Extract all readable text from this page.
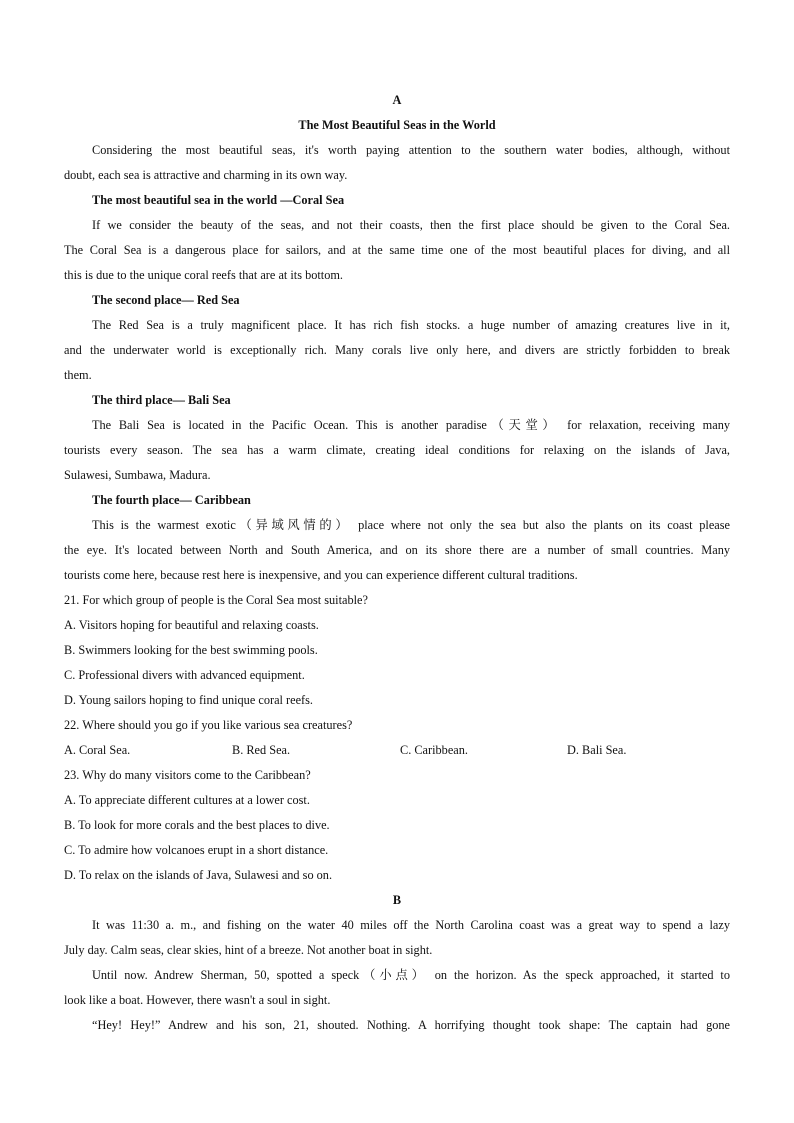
A
The Most Beautiful Seas in the World
Considering the most beautiful seas, it's worth paying attention to the southern water bodies, although, without
doubt, each sea is attractive and charming in its own way.
The most beautiful sea in the world —Coral Sea
If we consider the beauty of the seas, and not their coasts, then the first place should be given to the Coral Sea.
The Coral Sea is a dangerous place for sailors, and at the same time one of the most beautiful places for diving, and all
this is due to the unique coral reefs that are at its bottom.
The second place— Red Sea
The Red Sea is a truly magnificent place. It has rich fish stocks. a huge number of amazing creatures live in it,
and the underwater world is exceptionally rich. Many corals live only here, and divers are strictly forbidden to break
them.
The third place— Bali Sea
The Bali Sea is located in the Pacific Ocean. This is another paradise（天堂） for relaxation, receiving many
tourists every season. The sea has a warm climate, creating ideal conditions for relaxing on the islands of Java,
Sulawesi, Sumbawa, Madura.
The fourth place— Caribbean
This is the warmest exotic（异域风情的） place where not only the sea but also the plants on its coast please
the eye. It's located between North and South America, and on its shore there are a number of small countries. Many
tourists come here, because rest here is inexpensive, and you can experience different cultural traditions.
21. For which group of people is the Coral Sea most suitable?
A. Visitors hoping for beautiful and relaxing coasts.
B. Swimmers looking for the best swimming pools.
C. Professional divers with advanced equipment.
D. Young sailors hoping to find unique coral reefs.
22. Where should you go if you like various sea creatures?
A. Coral Sea.	B. Red Sea.	C. Caribbean.	D. Bali Sea.
23. Why do many visitors come to the Caribbean?
A. To appreciate different cultures at a lower cost.
B. To look for more corals and the best places to dive.
C. To admire how volcanoes erupt in a short distance.
D. To relax on the islands of Java, Sulawesi and so on.
B
It was 11:30 a. m., and fishing on the water 40 miles off the North Carolina coast was a great way to spend a lazy
July day. Calm seas, clear skies, hint of a breeze. Not another boat in sight.
Until now. Andrew Sherman, 50, spotted a speck（小点） on the horizon. As the speck approached, it started to
look like a boat. However, there wasn't a soul in sight.
“Hey! Hey!” Andrew and his son, 21, shouted. Nothing. A horrifying thought took shape: The captain had gone
